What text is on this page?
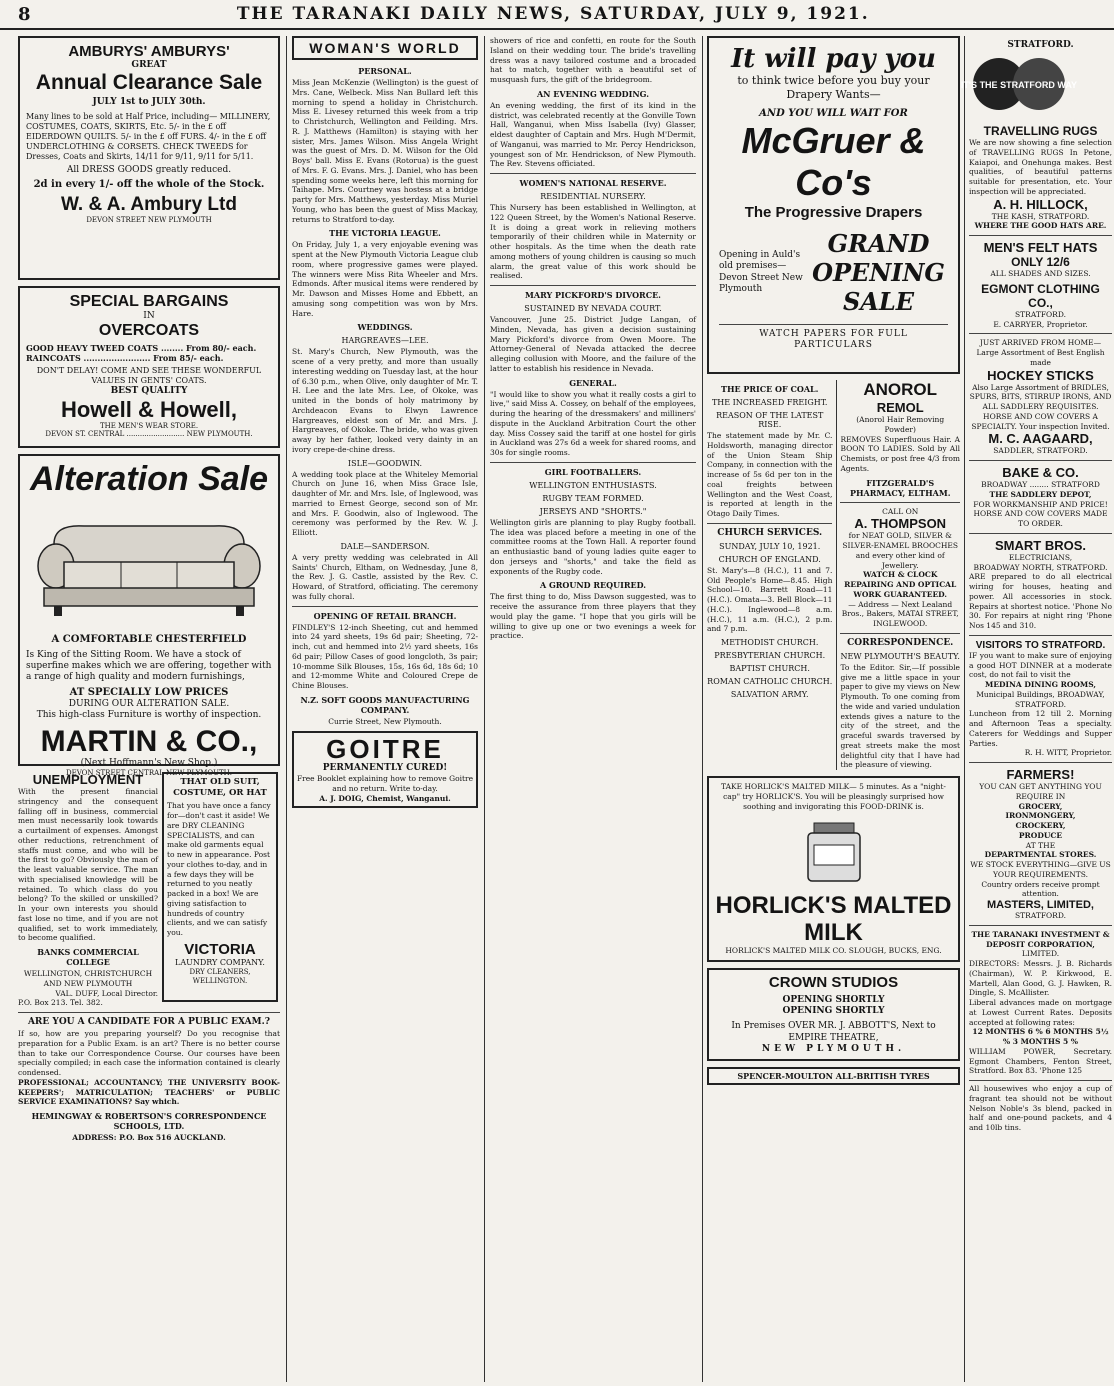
8	THE TARANAKI DAILY NEWS, SATURDAY, JULY 9, 1921.
AMBURYS' AMBURYS'
GREAT
Annual Clearance Sale
JULY 1st to JULY 30th.
Many lines to be sold at Half Price, including— MILLINERY, COSTUMES, COATS, SKIRTS, Etc. 5/- in the £ off EIDERDOWN QUILTS. 5/- in the £ off FURS. 4/- in the £ off UNDERCLOTHING & CORSETS. CHECK TWEEDS for Dresses, Coats and Skirts, 14/11 for 9/11, 9/11 for 5/11.
All DRESS GOODS greatly reduced.
2d in every 1/- off the whole of the Stock.
W. & A. Ambury Ltd
DEVON STREET NEW PLYMOUTH
SPECIAL BARGAINS
IN
OVERCOATS
GOOD HEAVY TWEED COATS ........ From 80/- each.
RAINCOATS ........................ From 85/- each.
DON'T DELAY! COME AND SEE THESE WONDERFUL VALUES IN GENTS' COATS.
BEST QUALITY
Howell & Howell,
THE MEN'S WEAR STORE.
DEVON ST. CENTRAL .......................... NEW PLYMOUTH.
Alteration Sale
A COMFORTABLE CHESTERFIELD
Is King of the Sitting Room. We have a stock of superfine makes which we are offering, together with a range of high quality and modern furnishings,
AT SPECIALLY LOW PRICES
DURING OUR ALTERATION SALE.
This high-class Furniture is worthy of inspection.
MARTIN & CO.,
(Next Hoffmann's New Shop.)
DEVON STREET CENTRAL NEW PLYMOUTH.
UNEMPLOYMENT
With the present financial stringency and the consequent falling off in business, commercial men must necessarily look towards a curtailment of expenses. Amongst other reductions, retrenchment of staffs must come, and who will be the first to go? Obviously the man of the least valuable service. The man with specialised knowledge will be retained. To which class do you belong? To the skilled or unskilled? In your own interests you should fast lose no time, and if you are not qualified, set to work immediately, to become qualified.
BANKS COMMERCIAL COLLEGE
WELLINGTON, CHRISTCHURCH AND NEW PLYMOUTH
VAL. DUFF, Local Director.
P.O. Box 213. Tel. 382.
THAT OLD SUIT, COSTUME, OR HAT
That you have once a fancy for—don't cast it aside! We are DRY CLEANING SPECIALISTS, and can make old garments equal to new in appearance. Post your clothes to-day, and in a few days they will be returned to you neatly packed in a box! We are giving satisfaction to hundreds of country clients, and we can satisfy you.
VICTORIA
LAUNDRY COMPANY.
DRY CLEANERS, WELLINGTON.
ARE YOU A CANDIDATE FOR A PUBLIC EXAM.?
If so, how are you preparing yourself? Do you recognise that preparation for a Public Exam. is an art? There is no better course than to take our Correspondence Course. Our courses have been specially compiled; in each case the information contained is clearly condensed.
PROFESSIONAL; ACCOUNTANCY; THE UNIVERSITY BOOK-KEEPERS'; MATRICULATION; TEACHERS' or PUBLIC SERVICE EXAMINATIONS? Say which.
HEMINGWAY & ROBERTSON'S CORRESPONDENCE SCHOOLS, LTD.
ADDRESS: P.O. Box 516 AUCKLAND.
WOMAN'S WORLD
PERSONAL.
Miss Jean McKenzie (Wellington) is the guest of Mrs. Cane, Welbeck. Miss Nan Bullard left this morning to spend a holiday in Christchurch. Miss E. Livesey returned this week from a trip to Christchurch, Wellington and Feilding. Mrs. R. J. Matthews (Hamilton) is staying with her sister, Mrs. James Wilson. Miss Angela Wright was the guest of Mrs. D. M. Wilson for the Old Boys' ball. Miss E. Evans (Rotorua) is the guest of Mrs. F. G. Evans. Mrs. J. Daniel, who has been spending some weeks here, left this morning for Taihape. Mrs. Courtney was hostess at a bridge party for Mrs. Matthews, yesterday. Miss Muriel Young, who has been the guest of Miss Mackay, returns to Stratford to-day.
THE VICTORIA LEAGUE.
On Friday, July 1, a very enjoyable evening was spent at the New Plymouth Victoria League club room, where progressive games were played. The winners were Miss Rita Wheeler and Mrs. Edmonds. After musical items were rendered by Mr. Dawson and Misses Home and Ebbett, an amusing song competition was won by Mrs. Hare.
WEDDINGS.
HARGREAVES—LEE.
St. Mary's Church, New Plymouth, was the scene of a very pretty, and more than usually interesting wedding on Tuesday last, at the hour of 6.30 p.m., when Olive, only daughter of Mr. T. H. Lee and the late Mrs. Lee, of Okoke, was united in the bonds of holy matrimony by Archdeacon Evans to Elwyn Lawrence Hargreaves, eldest son of Mr. and Mrs. J. Hargreaves, of Okoke. The bride, who was given away by her father, looked very dainty in an ivory crepe-de-chine dress.
ISLE—GOODWIN.
A wedding took place at the Whiteley Memorial Church on June 16, when Miss Grace Isle, daughter of Mr. and Mrs. Isle, of Inglewood, was married to Ernest George, second son of Mr. and Mrs. F. Goodwin, also of Inglewood. The ceremony was performed by the Rev. W. J. Elliott.
DALE—SANDERSON.
A very pretty wedding was celebrated in All Saints' Church, Eltham, on Wednesday, June 8, the Rev. J. G. Castle, assisted by the Rev. C. Howard, of Stratford, officiating. The ceremony was fully choral.
OPENING OF RETAIL BRANCH.
FINDLEY'S 12-inch Sheeting, cut and hemmed into 24 yard sheets, 19s 6d pair; Sheeting, 72-inch, cut and hemmed into 2½ yard sheets, 16s 6d pair; Pillow Cases of good longcloth, 3s pair; 10-momme Silk Blouses, 15s, 16s 6d, 18s 6d; 10 and 12-momme White and Coloured Crepe de Chine Blouses.
N.Z. SOFT GOODS MANUFACTURING COMPANY.
Currie Street, New Plymouth.
GOITRE
PERMANENTLY CURED!
Free Booklet explaining how to remove Goitre and no return. Write to-day.
A. J. DOIG, Chemist, Wanganui.
showers of rice and confetti, en route for the South Island on their wedding tour. The bride's travelling dress was a navy tailored costume and a brocaded hat to match, together with a beautiful set of musquash furs, the gift of the bridegroom.
AN EVENING WEDDING.
An evening wedding, the first of its kind in the district, was celebrated recently at the Gonville Town Hall, Wanganui, when Miss Isabella (Ivy) Glasser, eldest daughter of Captain and Mrs. Hugh M'Dermit, of Wanganui, was married to Mr. Percy Hendrickson, youngest son of Mr. Hendrickson, of New Plymouth. The Rev. Stevens officiated.
WOMEN'S NATIONAL RESERVE.
RESIDENTIAL NURSERY.
This Nursery has been established in Wellington, at 122 Queen Street, by the Women's National Reserve. It is doing a great work in relieving mothers temporarily of their children while in Maternity or other hospitals. As the time when the death rate among mothers of young children is causing so much alarm, the great value of this work should be realised.
MARY PICKFORD'S DIVORCE.
SUSTAINED BY NEVADA COURT.
Vancouver, June 25. District Judge Langan, of Minden, Nevada, has given a decision sustaining Mary Pickford's divorce from Owen Moore. The Attorney-General of Nevada attacked the decree alleging collusion with Moore, and the failure of the latter to establish his residence in Nevada.
GENERAL.
"I would like to show you what it really costs a girl to live," said Miss A. Cossey, on behalf of the employees, during the hearing of the dressmakers' and milliners' dispute in the Auckland Arbitration Court the other day. Miss Cossey said the tariff at one hostel for girls in Auckland was 27s 6d a week for shared rooms, and 30s for single rooms.
GIRL FOOTBALLERS.
WELLINGTON ENTHUSIASTS.
RUGBY TEAM FORMED.
JERSEYS AND "SHORTS."
Wellington girls are planning to play Rugby football. The idea was placed before a meeting in one of the committee rooms at the Town Hall. A reporter found an enthusiastic band of young ladies quite eager to don jerseys and "shorts," and take the field as exponents of the Rugby code.
A GROUND REQUIRED.
The first thing to do, Miss Dawson suggested, was to receive the assurance from three players that they would play the game. "I hope that you girls will be willing to give up one or two evenings a week for practice.
It will pay you
to think twice before you buy your Drapery Wants—
AND YOU WILL WAIT FOR
McGruer & Co's
The Progressive Drapers
Opening in Auld's old premises— Devon Street New Plymouth
GRAND OPENING SALE
WATCH PAPERS FOR FULL PARTICULARS
THE PRICE OF COAL.
THE INCREASED FREIGHT.
REASON OF THE LATEST RISE.
The statement made by Mr. C. Holdsworth, managing director of the Union Steam Ship Company, in connection with the increase of 5s 6d per ton in the coal freights between Wellington and the West Coast, is reported at length in the Otago Daily Times.
CHURCH SERVICES.
SUNDAY, JULY 10, 1921.
CHURCH OF ENGLAND.
St. Mary's—8 (H.C.), 11 and 7. Old People's Home—8.45. High School—10. Barrett Road—11 (H.C.). Omata—3. Bell Block—11 (H.C.). Inglewood—8 a.m. (H.C.), 11 a.m. (H.C.), 2 p.m. and 7 p.m.
METHODIST CHURCH.
PRESBYTERIAN CHURCH.
BAPTIST CHURCH.
ROMAN CATHOLIC CHURCH.
SALVATION ARMY.
ANOROL
REMOL
(Anorol Hair Removing Powder)
REMOVES Superfluous Hair. A BOON TO LADIES. Sold by All Chemists, or post free 4/3 from Agents.
FITZGERALD'S PHARMACY, ELTHAM.
CALL ON
A. THOMPSON
for NEAT GOLD, SILVER & SILVER-ENAMEL BROOCHES and every other kind of Jewellery.
WATCH & CLOCK REPAIRING AND OPTICAL WORK GUARANTEED.
— Address — Next Lealand Bros., Bakers, MATAI STREET, INGLEWOOD.
CORRESPONDENCE.
NEW PLYMOUTH'S BEAUTY.
To the Editor. Sir,—If possible give me a little space in your paper to give my views on New Plymouth. To one coming from the wide and varied undulation extends gives a nature to the city of the street, and the graceful swards traversed by great streets make the most delightful city that I have had the pleasure of viewing.
TAKE HORLICK'S MALTED MILK— 5 minutes. As a "night-cap" try HORLICK'S. You will be pleasingly surprised how soothing and invigorating this FOOD-DRINK is.
HORLICK'S MALTED MILK
HORLICK'S MALTED MILK CO. SLOUGH, BUCKS, ENG.
CROWN STUDIOS
OPENING SHORTLY
OPENING SHORTLY
In Premises OVER MR. J. ABBOTT'S, Next to EMPIRE THEATRE,
NEW PLYMOUTH.
SPENCER-MOULTON ALL-BRITISH TYRES
STRATFORD.
IT'S THE STRATFORD WAY
TRAVELLING RUGS
We are now showing a fine selection of TRAVELLING RUGS In Petone, Kaiapoi, and Onehunga makes. Best qualities, of beautiful patterns suitable for presentation, etc. Your inspection will be appreciated.
A. H. HILLOCK,
THE KASH, STRATFORD.
WHERE THE GOOD HATS ARE.
MEN'S FELT HATS
ONLY 12/6
ALL SHADES AND SIZES.
EGMONT CLOTHING CO.,
STRATFORD.
E. CARRYER, Proprietor.
JUST ARRIVED FROM HOME— Large Assortment of Best English made
HOCKEY STICKS
Also Large Assortment of BRIDLES, SPURS, BITS, STIRRUP IRONS, AND ALL SADDLERY REQUISITES. HORSE AND COW COVERS A SPECIALTY. Your inspection Invited.
M. C. AAGAARD,
SADDLER, STRATFORD.
BAKE & CO.
BROADWAY ........ STRATFORD
THE SADDLERY DEPOT,
FOR WORKMANSHIP AND PRICE! HORSE AND COW COVERS MADE TO ORDER.
SMART BROS.
ELECTRICIANS,
BROADWAY NORTH, STRATFORD.
ARE prepared to do all electrical wiring for houses, heating and power. All accessories in stock. Repairs at shortest notice. 'Phone No 30. For repairs at night ring 'Phone Nos 145 and 310.
VISITORS TO STRATFORD.
IF you want to make sure of enjoying a good HOT DINNER at a moderate cost, do not fail to visit the
MEDINA DINING ROOMS,
Municipal Buildings, BROADWAY, STRATFORD.
Luncheon from 12 till 2. Morning and Afternoon Teas a specialty. Caterers for Weddings and Supper Parties.
R. H. WITT, Proprietor.
FARMERS!
YOU CAN GET ANYTHING YOU REQUIRE IN
GROCERY,
IRONMONGERY,
CROCKERY,
PRODUCE
AT THE
DEPARTMENTAL STORES.
WE STOCK EVERYTHING—GIVE US YOUR REQUIREMENTS.
Country orders receive prompt attention.
MASTERS, LIMITED,
STRATFORD.
THE TARANAKI INVESTMENT & DEPOSIT CORPORATION,
LIMITED.
DIRECTORS: Messrs. J. B. Richards (Chairman), W. P. Kirkwood, E. Martell, Alan Good, G. J. Hawken, R. Dingle, S. McAllister.
Liberal advances made on mortgage at Lowest Current Rates. Deposits accepted at following rates:
12 MONTHS 6 % 6 MONTHS 5½ % 3 MONTHS 5 %
WILLIAM POWER, Secretary. Egmont Chambers, Fenton Street, Stratford. Box 83. 'Phone 125
All housewives who enjoy a cup of fragrant tea should not be without Nelson Noble's 3s blend, packed in half and one-pound packets, and 4 and 10lb tins.
